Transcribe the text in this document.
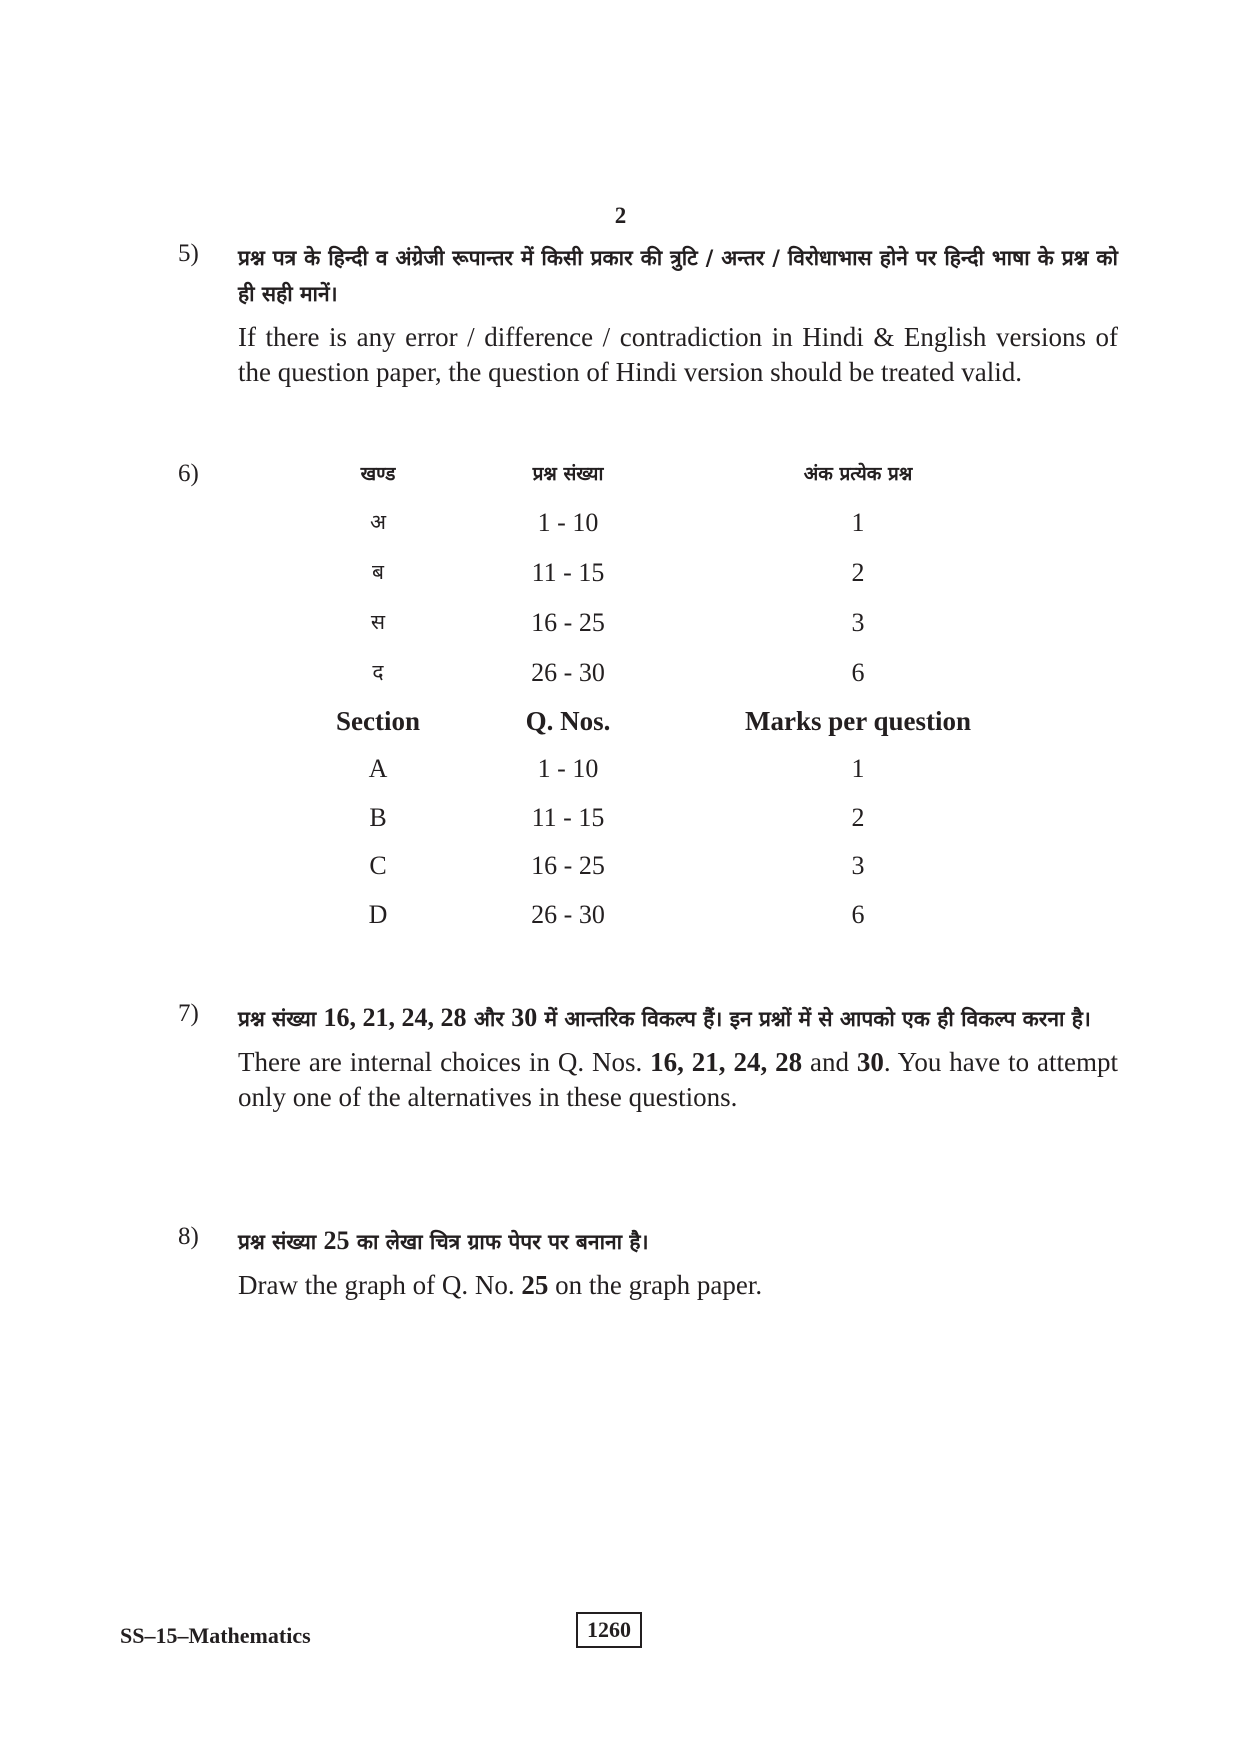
2
5) प्रश्न पत्र के हिन्दी व अंग्रेजी रूपान्तर में किसी प्रकार की त्रुटि / अन्तर / विरोधाभास होने पर हिन्दी भाषा के प्रश्न को ही सही मानें।
If there is any error / difference / contradiction in Hindi & English versions of the question paper, the question of Hindi version should be treated valid.
6)	खण्ड	प्रश्न संख्या	अंक प्रत्येक प्रश्न
अ	1 - 10	1
ब	11 - 15	2
स	16 - 25	3
द	26 - 30	6
Section	Q. Nos.	Marks per question
A	1 - 10	1
B	11 - 15	2
C	16 - 25	3
D	26 - 30	6
7) प्रश्न संख्या 16, 21, 24, 28 और 30 में आन्तरिक विकल्प हैं। इन प्रश्नों में से आपको एक ही विकल्प करना है।
There are internal choices in Q. Nos. 16, 21, 24, 28 and 30. You have to attempt only one of the alternatives in these questions.
8) प्रश्न संख्या 25 का लेखा चित्र ग्राफ पेपर पर बनाना है।
Draw the graph of Q. No. 25 on the graph paper.
SS–15–Mathematics	1260
